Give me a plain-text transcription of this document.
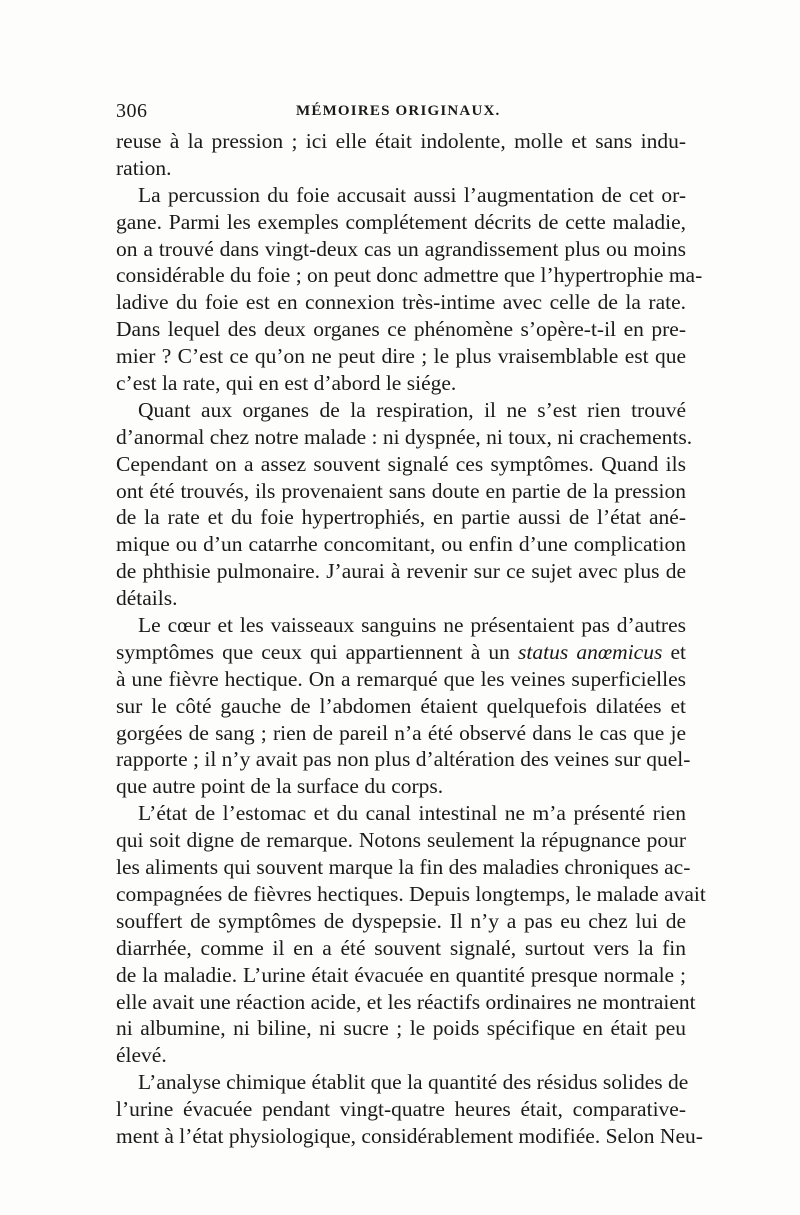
306	MÉMOIRES ORIGINAUX.
reuse à la pression ; ici elle était indolente, molle et sans indu-
ration.
La percussion du foie accusait aussi l’augmentation de cet or-
gane. Parmi les exemples complétement décrits de cette maladie,
on a trouvé dans vingt-deux cas un agrandissement plus ou moins
considérable du foie ; on peut donc admettre que l’hypertrophie ma-
ladive du foie est en connexion très-intime avec celle de la rate.
Dans lequel des deux organes ce phénomène s’opère-t-il en pre-
mier ? C’est ce qu’on ne peut dire ; le plus vraisemblable est que
c’est la rate, qui en est d’abord le siége.
Quant aux organes de la respiration, il ne s’est rien trouvé
d’anormal chez notre malade : ni dyspnée, ni toux, ni crachements.
Cependant on a assez souvent signalé ces symptômes. Quand ils
ont été trouvés, ils provenaient sans doute en partie de la pression
de la rate et du foie hypertrophiés, en partie aussi de l’état ané-
mique ou d’un catarrhe concomitant, ou enfin d’une complication
de phthisie pulmonaire. J’aurai à revenir sur ce sujet avec plus de
détails.
Le cœur et les vaisseaux sanguins ne présentaient pas d’autres
symptômes que ceux qui appartiennent à un status anœmicus et
à une fièvre hectique. On a remarqué que les veines superficielles
sur le côté gauche de l’abdomen étaient quelquefois dilatées et
gorgées de sang ; rien de pareil n’a été observé dans le cas que je
rapporte ; il n’y avait pas non plus d’altération des veines sur quel-
que autre point de la surface du corps.
L’état de l’estomac et du canal intestinal ne m’a présenté rien
qui soit digne de remarque. Notons seulement la répugnance pour
les aliments qui souvent marque la fin des maladies chroniques ac-
compagnées de fièvres hectiques. Depuis longtemps, le malade avait
souffert de symptômes de dyspepsie. Il n’y a pas eu chez lui de
diarrhée, comme il en a été souvent signalé, surtout vers la fin
de la maladie. L’urine était évacuée en quantité presque normale ;
elle avait une réaction acide, et les réactifs ordinaires ne montraient
ni albumine, ni biline, ni sucre ; le poids spécifique en était peu
élevé.
L’analyse chimique établit que la quantité des résidus solides de
l’urine évacuée pendant vingt-quatre heures était, comparative-
ment à l’état physiologique, considérablement modifiée. Selon Neu-
